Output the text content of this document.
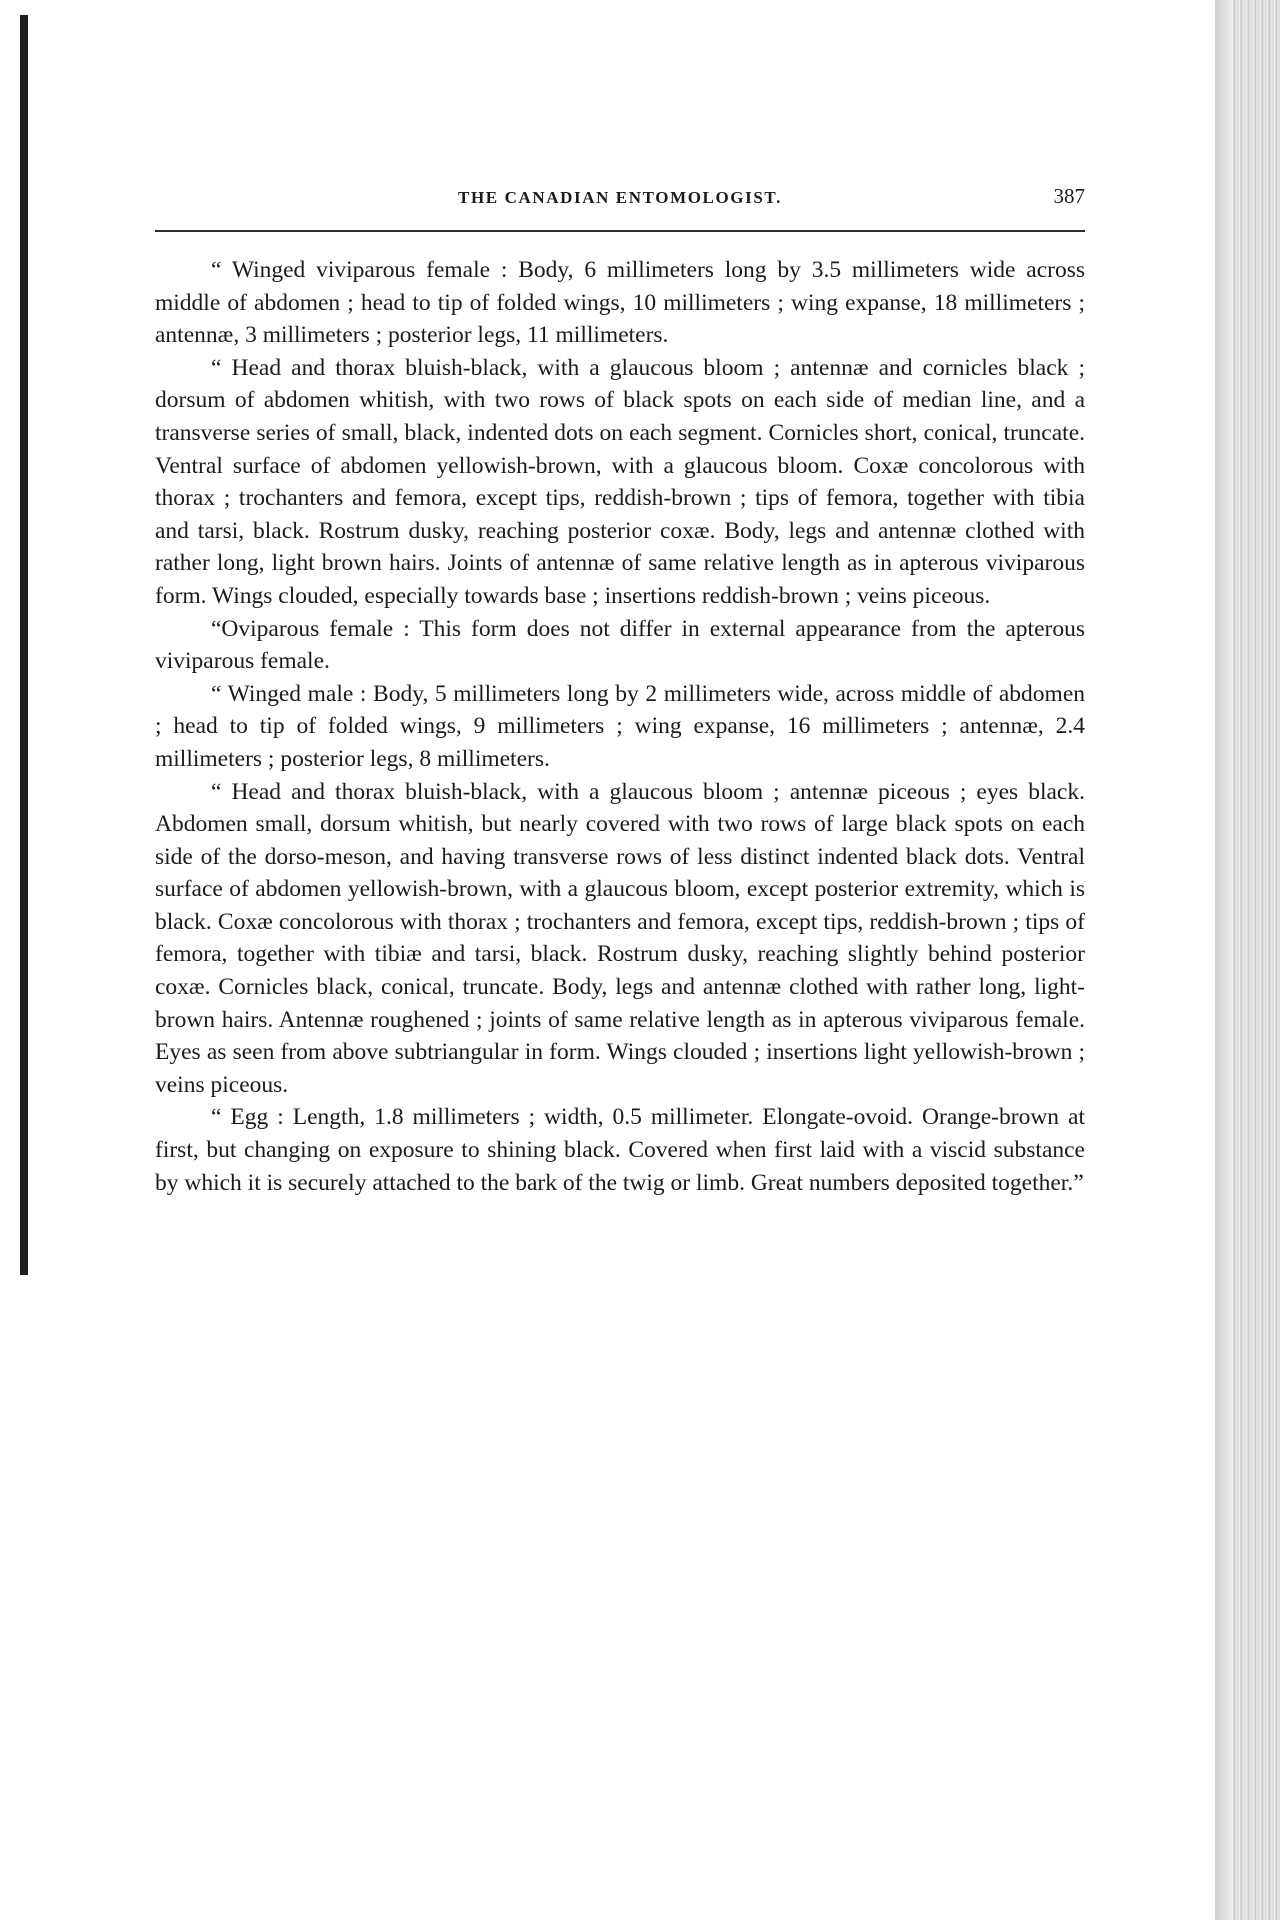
THE CANADIAN ENTOMOLOGIST.	387

“ Winged viviparous female : Body, 6 millimeters long by 3.5 millimeters wide across middle of abdomen ; head to tip of folded wings, 10 millimeters ; wing expanse, 18 millimeters ; antennæ, 3 millimeters ; posterior legs, 11 millimeters.

“ Head and thorax bluish-black, with a glaucous bloom ; antennæ and cornicles black ; dorsum of abdomen whitish, with two rows of black spots on each side of median line, and a transverse series of small, black, indented dots on each segment. Cornicles short, conical, truncate. Ventral surface of abdomen yellowish-brown, with a glaucous bloom. Coxæ concolorous with thorax ; trochanters and femora, except tips, reddish-brown ; tips of femora, together with tibia and tarsi, black. Rostrum dusky, reaching posterior coxæ. Body, legs and antennæ clothed with rather long, light brown hairs. Joints of antennæ of same relative length as in apterous viviparous form. Wings clouded, especially towards base ; insertions reddish-brown ; veins piceous.

“Oviparous female : This form does not differ in external appearance from the apterous viviparous female.

“ Winged male : Body, 5 millimeters long by 2 millimeters wide, across middle of abdomen ; head to tip of folded wings, 9 millimeters ; wing expanse, 16 millimeters ; antennæ, 2.4 millimeters ; posterior legs, 8 millimeters.

“ Head and thorax bluish-black, with a glaucous bloom ; antennæ piceous ; eyes black. Abdomen small, dorsum whitish, but nearly covered with two rows of large black spots on each side of the dorso-meson, and having transverse rows of less distinct indented black dots. Ventral surface of abdomen yellowish-brown, with a glaucous bloom, except posterior extremity, which is black. Coxæ concolorous with thorax ; trochanters and femora, except tips, reddish-brown ; tips of femora, together with tibiæ and tarsi, black. Rostrum dusky, reaching slightly behind posterior coxæ. Cornicles black, conical, truncate. Body, legs and antennæ clothed with rather long, light-brown hairs. Antennæ roughened ; joints of same relative length as in apterous viviparous female. Eyes as seen from above subtriangular in form. Wings clouded ; insertions light yellowish-brown ; veins piceous.

“ Egg : Length, 1.8 millimeters ; width, 0.5 millimeter. Elongate-ovoid. Orange-brown at first, but changing on exposure to shining black. Covered when first laid with a viscid substance by which it is securely attached to the bark of the twig or limb. Great numbers deposited together.”
